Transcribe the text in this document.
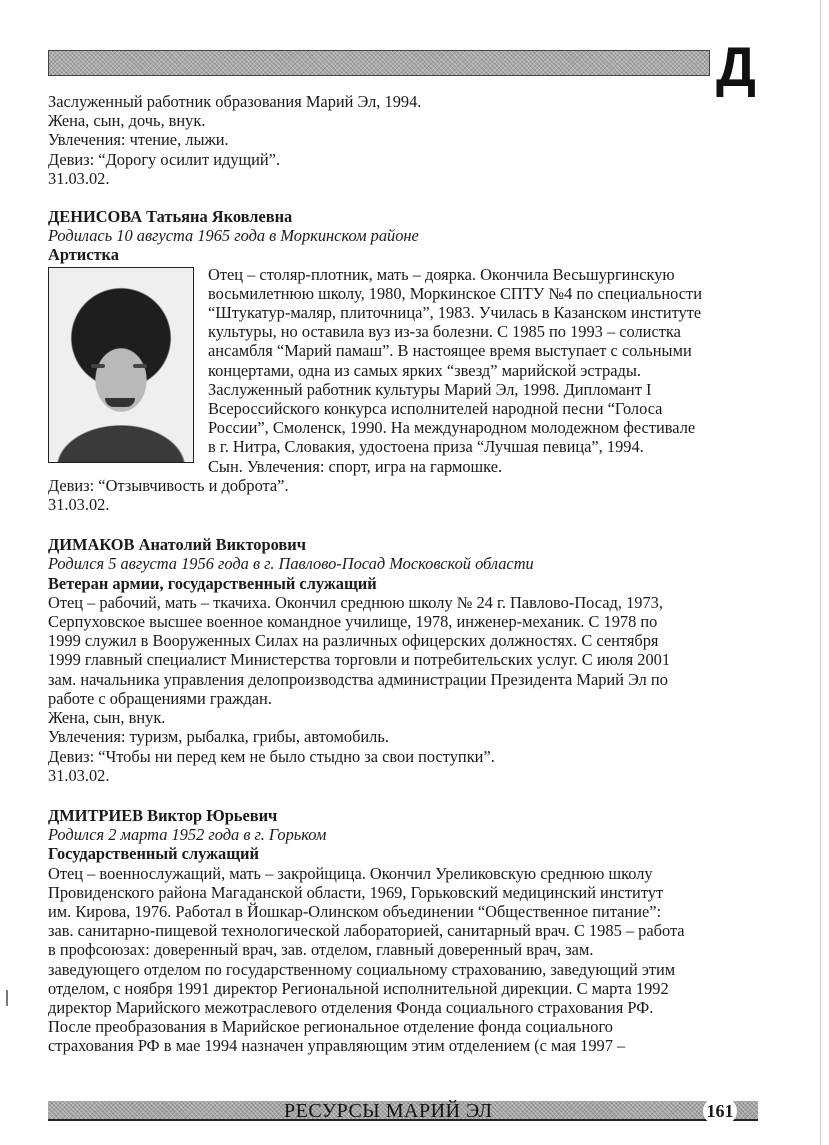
Д
Заслуженный работник образования Марий Эл, 1994.
Жена, сын, дочь, внук.
Увлечения: чтение, лыжи.
Девиз: “Дорогу осилит идущий”.
31.03.02.
ДЕНИСОВА Татьяна Яковлевна
Родилась 10 августа 1965 года в Моркинском районе
Артистка
Отец – столяр-плотник, мать – доярка. Окончила Весьшургинскую
восьмилетнюю школу, 1980, Моркинское СПТУ №4 по специальности
“Штукатур-маляр, плиточница”, 1983. Училась в Казанском институте
культуры, но оставила вуз из-за болезни. С 1985 по 1993 – солистка
ансамбля “Марий памаш”. В настоящее время выступает с сольными
концертами, одна из самых ярких “звезд” марийской эстрады.
Заслуженный работник культуры Марий Эл, 1998. Дипломант I
Всероссийского конкурса исполнителей народной песни “Голоса
России”, Смоленск, 1990. На международном молодежном фестивале
в г. Нитра, Словакия, удостоена приза “Лучшая певица”, 1994.
Сын. Увлечения: спорт, игра на гармошке.
Девиз: “Отзывчивость и доброта”.
31.03.02.
ДИМАКОВ Анатолий Викторович
Родился 5 августа 1956 года в г. Павлово-Посад Московской области
Ветеран армии, государственный служащий
Отец – рабочий, мать – ткачиха. Окончил среднюю школу № 24 г. Павлово-Посад, 1973,
Серпуховское высшее военное командное училище, 1978, инженер-механик. С 1978 по
1999 служил в Вооруженных Силах на различных офицерских должностях. С сентября
1999 главный специалист Министерства торговли и потребительских услуг. С июля 2001
зам. начальника управления делопроизводства администрации Президента Марий Эл по
работе с обращениями граждан.
Жена, сын, внук.
Увлечения: туризм, рыбалка, грибы, автомобиль.
Девиз: “Чтобы ни перед кем не было стыдно за свои поступки”.
31.03.02.
ДМИТРИЕВ Виктор Юрьевич
Родился 2 марта 1952 года в г. Горьком
Государственный служащий
Отец – военнослужащий, мать – закройщица. Окончил Уреликовскую среднюю школу
Провиденского района Магаданской области, 1969, Горьковский медицинский институт
им. Кирова, 1976. Работал в Йошкар-Олинском объединении “Общественное питание”:
зав. санитарно-пищевой технологической лабораторией, санитарный врач. С 1985 – работа
в профсоюзах: доверенный врач, зав. отделом, главный доверенный врач, зам.
заведующего отделом по государственному социальному страхованию, заведующий этим
отделом, с ноября 1991 директор Региональной исполнительной дирекции. С марта 1992
директор Марийского межотраслевого отделения Фонда социального страхования РФ.
После преобразования в Марийское региональное отделение фонда социального
страхования РФ в мае 1994 назначен управляющим этим отделением (с мая 1997 –
РЕСУРСЫ МАРИЙ ЭЛ	161
